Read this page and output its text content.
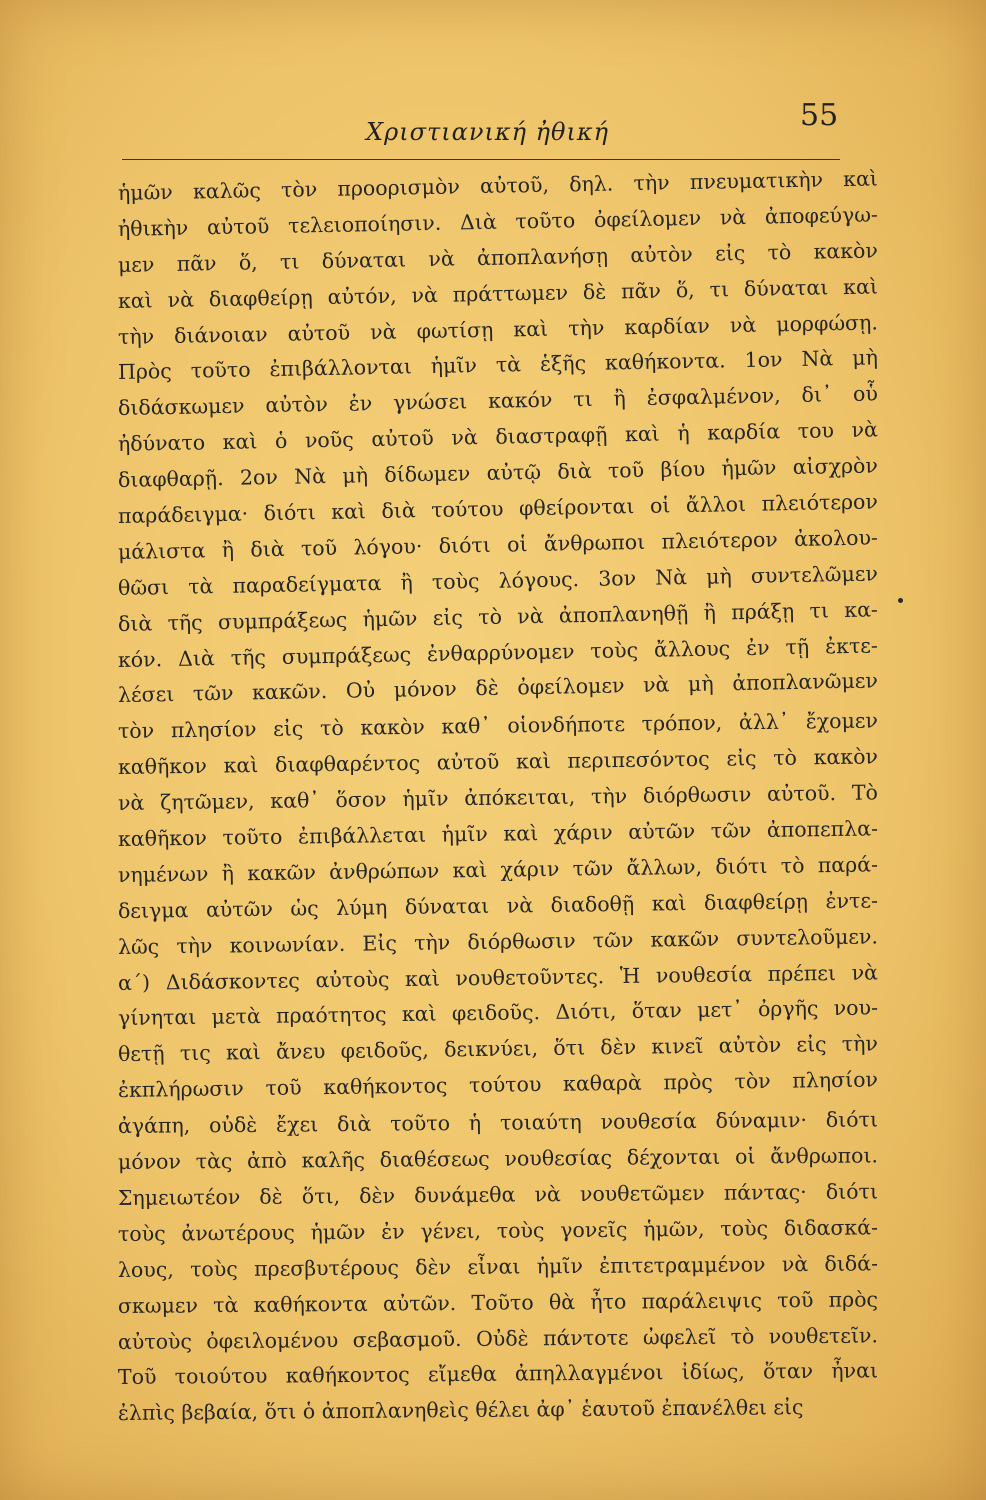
Χριστιανική ἠθική	55
ἡμῶν καλῶς τὸν προορισμὸν αὐτοῦ, δηλ. τὴν πνευματικὴν καὶ
ἠθικὴν αὐτοῦ τελειοποίησιν. Διὰ τοῦτο ὀφείλομεν νὰ ἀποφεύγω-
μεν πᾶν ὅ, τι δύναται νὰ ἀποπλανήσῃ αὐτὸν εἰς τὸ κακὸν
καὶ νὰ διαφθείρῃ αὐτόν, νὰ πράττωμεν δὲ πᾶν ὅ, τι δύναται καὶ
τὴν διάνοιαν αὐτοῦ νὰ φωτίσῃ καὶ τὴν καρδίαν νὰ μορφώσῃ.
Πρὸς τοῦτο ἐπιβάλλονται ἡμῖν τὰ ἑξῆς καθήκοντα. 1ον Νὰ μὴ
διδάσκωμεν αὐτὸν ἐν γνώσει κακόν τι ἢ ἐσφαλμένον, δι᾽ οὗ
ἠδύνατο καὶ ὁ νοῦς αὐτοῦ νὰ διαστραφῇ καὶ ἡ καρδία του νὰ
διαφθαρῇ. 2ον Νὰ μὴ δίδωμεν αὐτῷ διὰ τοῦ βίου ἡμῶν αἰσχρὸν
παράδειγμα· διότι καὶ διὰ τούτου φθείρονται οἱ ἄλλοι πλειότερον
μάλιστα ἢ διὰ τοῦ λόγου· διότι οἱ ἄνθρωποι πλειότερον ἀκολου-
θῶσι τὰ παραδείγματα ἢ τοὺς λόγους. 3ον Νὰ μὴ συντελῶμεν
διὰ τῆς συμπράξεως ἡμῶν εἰς τὸ νὰ ἀποπλανηθῇ ἢ πράξῃ τι κα-
κόν. Διὰ τῆς συμπράξεως ἐνθαρρύνομεν τοὺς ἄλλους ἐν τῇ ἐκτε-
λέσει τῶν κακῶν. Οὐ μόνον δὲ ὀφείλομεν νὰ μὴ ἀποπλανῶμεν
τὸν πλησίον εἰς τὸ κακὸν καθ᾽ οἱονδήποτε τρόπον, ἀλλ᾽ ἔχομεν
καθῆκον καὶ διαφθαρέντος αὐτοῦ καὶ περιπεσόντος εἰς τὸ κακὸν
νὰ ζητῶμεν, καθ᾽ ὅσον ἡμῖν ἀπόκειται, τὴν διόρθωσιν αὐτοῦ. Τὸ
καθῆκον τοῦτο ἐπιβάλλεται ἡμῖν καὶ χάριν αὐτῶν τῶν ἀποπεπλα-
νημένων ἢ κακῶν ἀνθρώπων καὶ χάριν τῶν ἄλλων, διότι τὸ παρά-
δειγμα αὐτῶν ὡς λύμη δύναται νὰ διαδοθῇ καὶ διαφθείρῃ ἐντε-
λῶς τὴν κοινωνίαν. Εἰς τὴν διόρθωσιν τῶν κακῶν συντελοῦμεν.
α´) Διδάσκοντες αὐτοὺς καὶ νουθετοῦντες. Ἡ νουθεσία πρέπει νὰ
γίνηται μετὰ πραότητος καὶ φειδοῦς. Διότι, ὅταν μετ᾽ ὀργῆς νου-
θετῇ τις καὶ ἄνευ φειδοῦς, δεικνύει, ὅτι δὲν κινεῖ αὐτὸν εἰς τὴν
ἐκπλήρωσιν τοῦ καθήκοντος τούτου καθαρὰ πρὸς τὸν πλησίον
ἀγάπη, οὐδὲ ἔχει διὰ τοῦτο ἡ τοιαύτη νουθεσία δύναμιν· διότι
μόνον τὰς ἀπὸ καλῆς διαθέσεως νουθεσίας δέχονται οἱ ἄνθρωποι.
Σημειωτέον δὲ ὅτι, δὲν δυνάμεθα νὰ νουθετῶμεν πάντας· διότι
τοὺς ἀνωτέρους ἡμῶν ἐν γένει, τοὺς γονεῖς ἡμῶν, τοὺς διδασκά-
λους, τοὺς πρεσβυτέρους δὲν εἶναι ἡμῖν ἐπιτετραμμένον νὰ διδά-
σκωμεν τὰ καθήκοντα αὐτῶν. Τοῦτο θὰ ἦτο παράλειψις τοῦ πρὸς
αὐτοὺς ὀφειλομένου σεβασμοῦ. Οὐδὲ πάντοτε ὠφελεῖ τὸ νουθετεῖν.
Τοῦ τοιούτου καθήκοντος εἴμεθα ἀπηλλαγμένοι ἰδίως, ὅταν ἦναι
ἐλπὶς βεβαία, ὅτι ὁ ἀποπλανηθεὶς θέλει ἀφ᾽ ἑαυτοῦ ἐπανέλθει εἰς
